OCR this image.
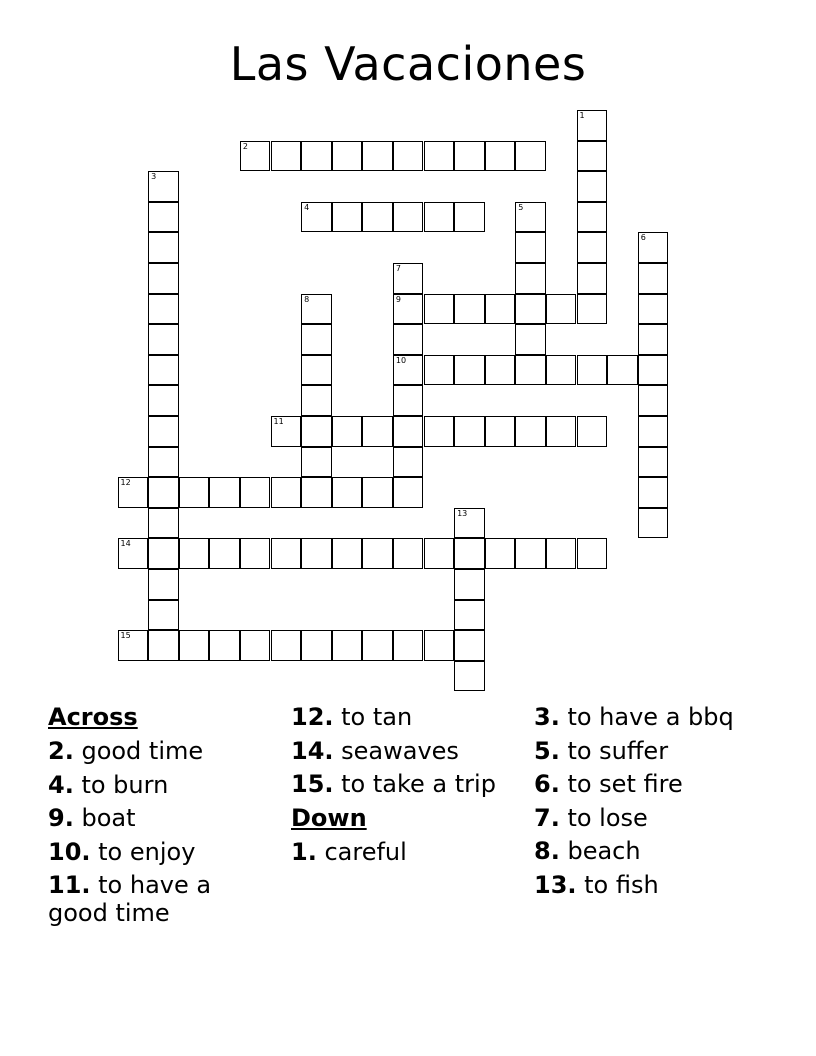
Las Vacaciones
1
2
3
4	5
6
7
9
10
8
11
12
13
14
15
Across
2. good time
4. to burn
9. boat
10. to enjoy
11. to have a good time
12. to tan
14. seawaves
15. to take a trip
Down
1. careful
3. to have a bbq
5. to suffer
6. to set fire
7. to lose
8. beach
13. to fish
